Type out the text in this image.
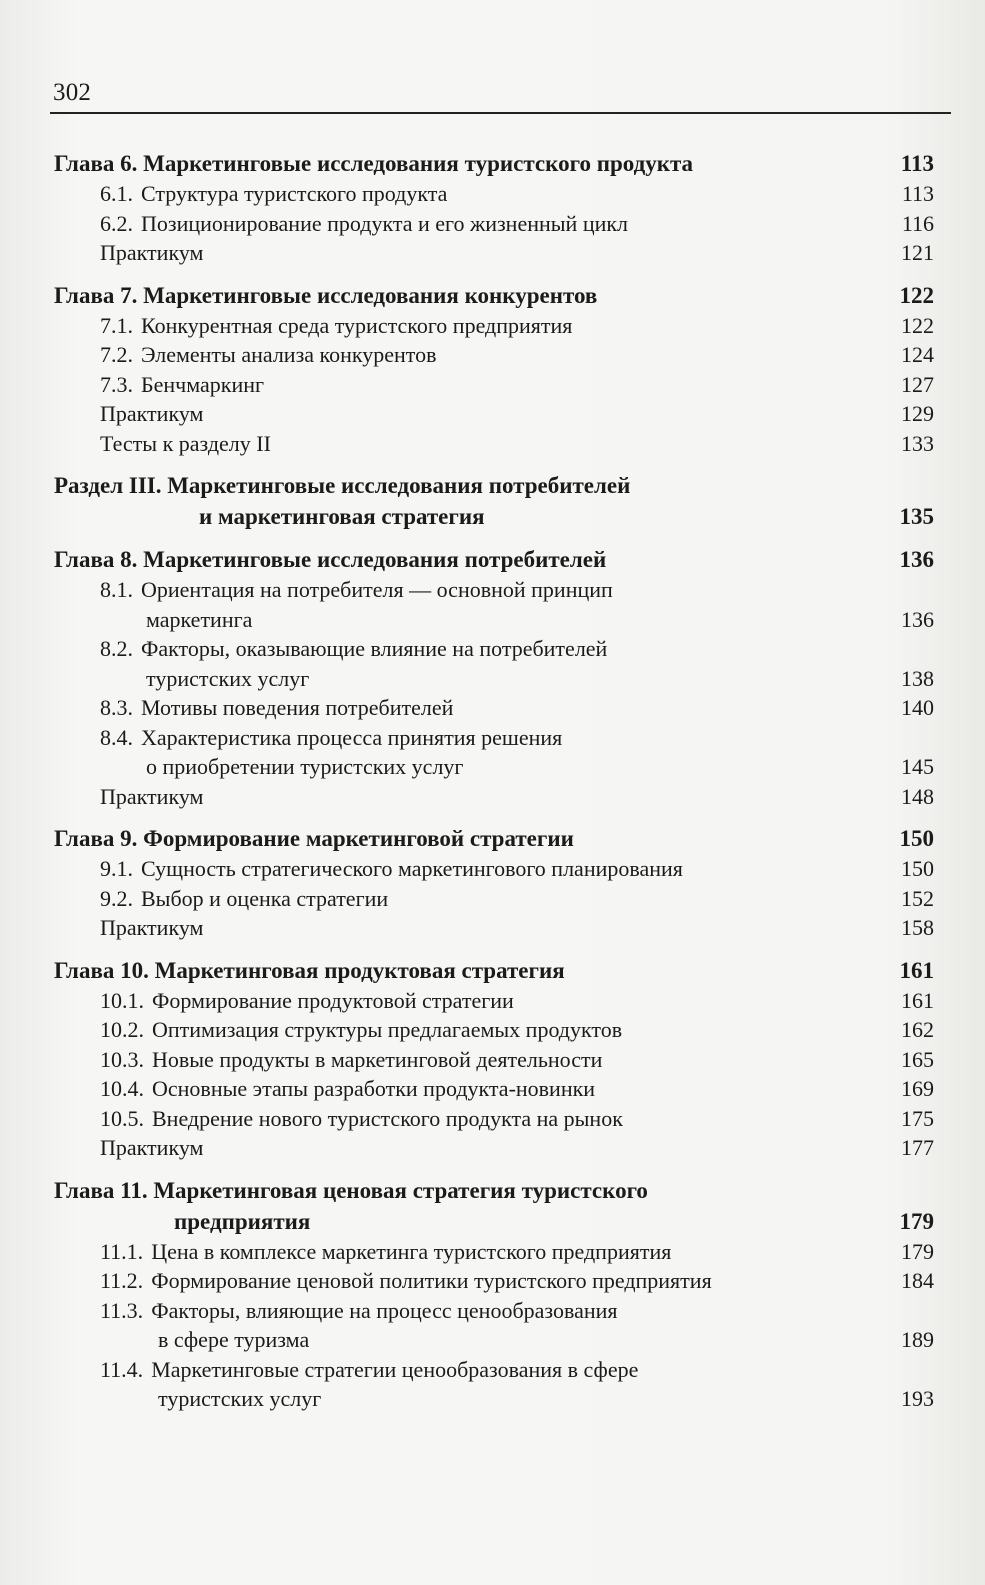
302
Глава 6. Маркетинговые исследования туристского продукта	113
6.1. Структура туристского продукта	113
6.2. Позиционирование продукта и его жизненный цикл	116
Практикум	121
Глава 7. Маркетинговые исследования конкурентов	122
7.1. Конкурентная среда туристского предприятия	122
7.2. Элементы анализа конкурентов	124
7.3. Бенчмаркинг	127
Практикум	129
Тесты к разделу II	133
Раздел III. Маркетинговые исследования потребителей
и маркетинговая стратегия	135
Глава 8. Маркетинговые исследования потребителей	136
8.1. Ориентация на потребителя — основной принцип
маркетинга	136
8.2. Факторы, оказывающие влияние на потребителей
туристских услуг	138
8.3. Мотивы поведения потребителей	140
8.4. Характеристика процесса принятия решения
о приобретении туристских услуг	145
Практикум	148
Глава 9. Формирование маркетинговой стратегии	150
9.1. Сущность стратегического маркетингового планирования	150
9.2. Выбор и оценка стратегии	152
Практикум	158
Глава 10. Маркетинговая продуктовая стратегия	161
10.1. Формирование продуктовой стратегии	161
10.2. Оптимизация структуры предлагаемых продуктов	162
10.3. Новые продукты в маркетинговой деятельности	165
10.4. Основные этапы разработки продукта-новинки	169
10.5. Внедрение нового туристского продукта на рынок	175
Практикум	177
Глава 11. Маркетинговая ценовая стратегия туристского
предприятия	179
11.1. Цена в комплексе маркетинга туристского предприятия	179
11.2. Формирование ценовой политики туристского предприятия	184
11.3. Факторы, влияющие на процесс ценообразования
в сфере туризма	189
11.4. Маркетинговые стратегии ценообразования в сфере
туристских услуг	193
